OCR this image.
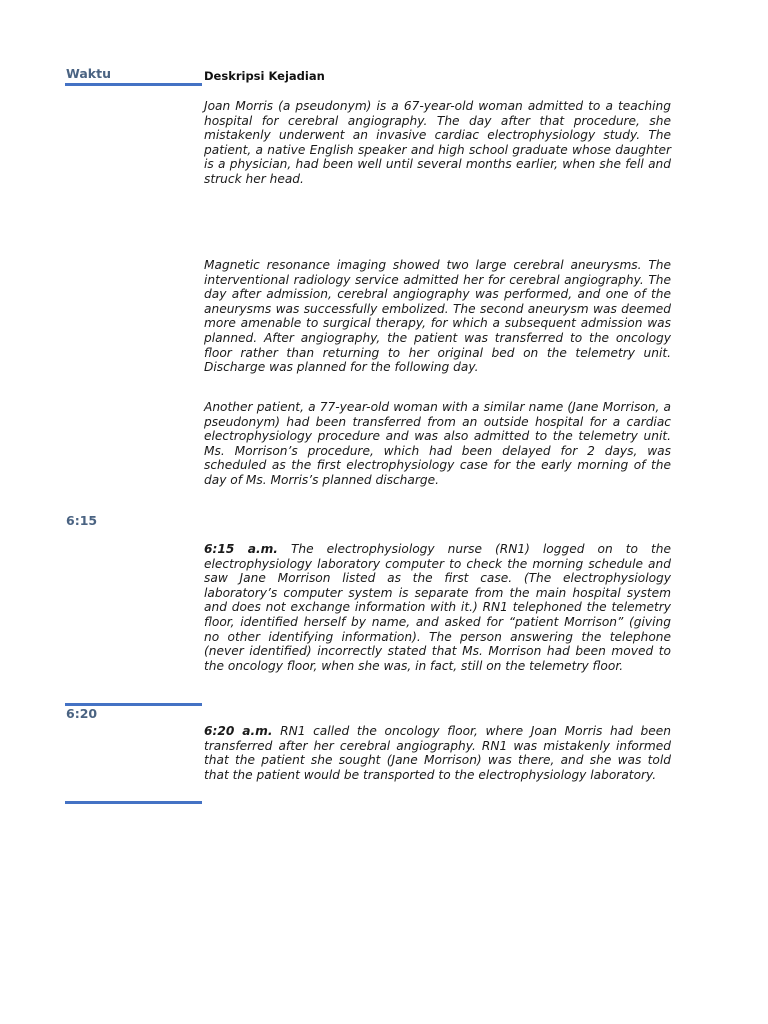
Waktu	Deskripsi Kejadian

Joan Morris (a pseudonym) is a 67-year-old woman admitted to a teaching hospital for cerebral angiography. The day after that procedure, she mistakenly underwent an invasive cardiac electrophysiology study. The patient, a native English speaker and high school graduate whose daughter is a physician, had been well until several months earlier, when she fell and struck her head.

Magnetic resonance imaging showed two large cerebral aneurysms. The interventional radiology service admitted her for cerebral angiography. The day after admission, cerebral angiography was performed, and one of the aneurysms was successfully embolized. The second aneurysm was deemed more amenable to surgical therapy, for which a subsequent admission was planned. After angiography, the patient was transferred to the oncology floor rather than returning to her original bed on the telemetry unit. Discharge was planned for the following day.

Another patient, a 77-year-old woman with a similar name (Jane Morrison, a pseudonym) had been transferred from an outside hospital for a cardiac electrophysiology procedure and was also admitted to the telemetry unit. Ms. Morrison’s procedure, which had been delayed for 2 days, was scheduled as the first electrophysiology case for the early morning of the day of Ms. Morris’s planned discharge.

6:15

6:15 a.m. The electrophysiology nurse (RN1) logged on to the electrophysiology laboratory computer to check the morning schedule and saw Jane Morrison listed as the first case. (The electrophysiology laboratory’s computer system is separate from the main hospital system and does not exchange information with it.) RN1 telephoned the telemetry floor, identified herself by name, and asked for “patient Morrison” (giving no other identifying information). The person answering the telephone (never identified) incorrectly stated that Ms. Morrison had been moved to the oncology floor, when she was, in fact, still on the telemetry floor.

6:20

6:20 a.m. RN1 called the oncology floor, where Joan Morris had been transferred after her cerebral angiography. RN1 was mistakenly informed that the patient she sought (Jane Morrison) was there, and she was told that the patient would be transported to the electrophysiology laboratory.
